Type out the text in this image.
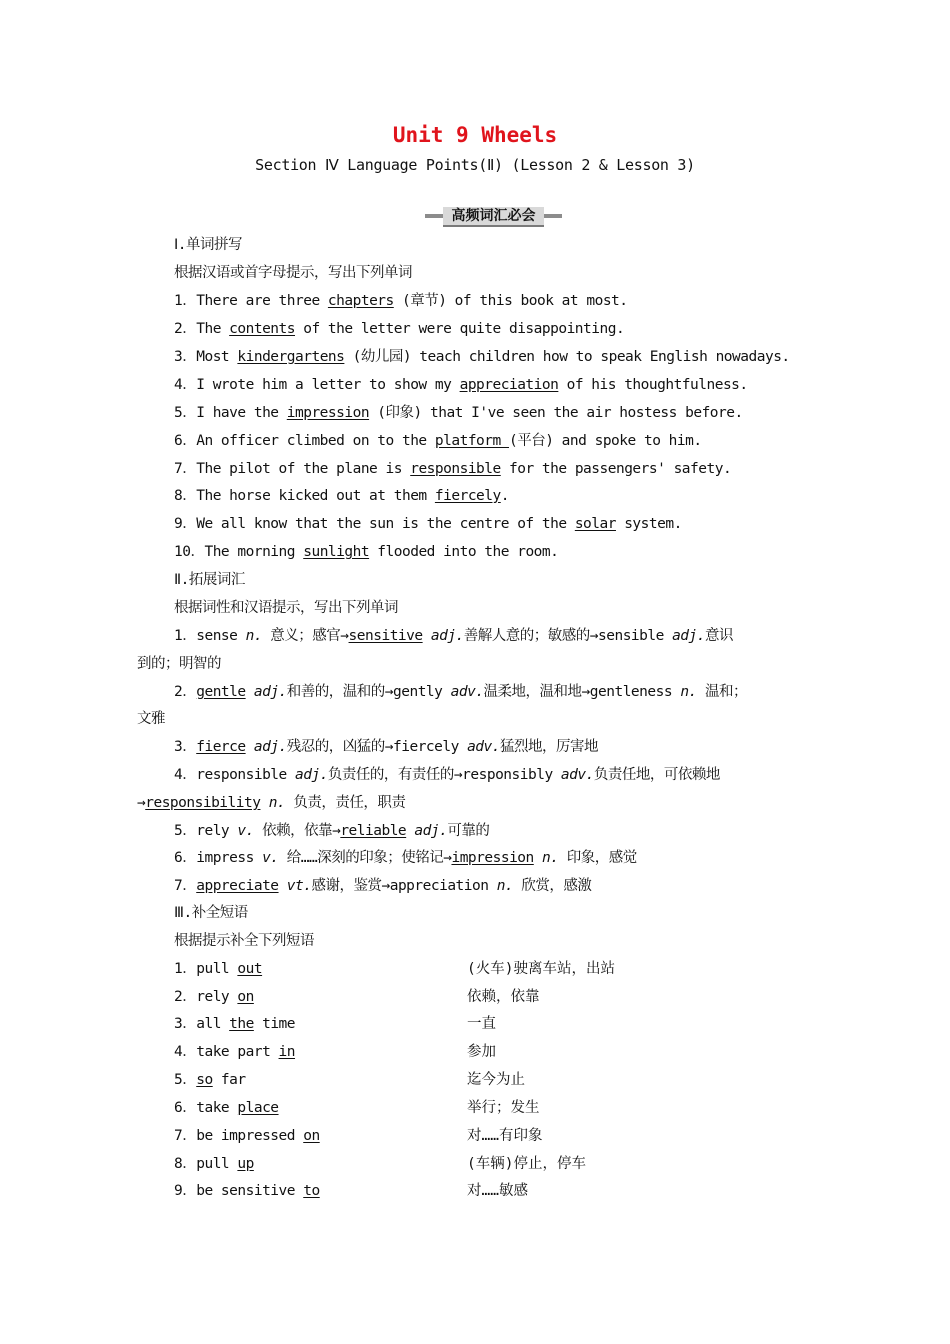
Unit 9 Wheels
Section Ⅳ Language Points(Ⅱ) (Lesson 2 & Lesson 3)
高频词汇必会
Ⅰ.单词拼写
根据汉语或首字母提示，写出下列单词
1．There are three chapters (章节) of this book at most.
2．The contents of the letter were quite disappointing.
3．Most kindergartens (幼儿园) teach children how to speak English nowadays.
4．I wrote him a letter to show my appreciation of his thoughtfulness.
5．I have the impression (印象) that I've seen the air hostess before.
6．An officer climbed on to the platform (平台) and spoke to him.
7．The pilot of the plane is responsible for the passengers' safety.
8．The horse kicked out at them fiercely.
9．We all know that the sun is the centre of the solar system.
10．The morning sunlight flooded into the room.
Ⅱ.拓展词汇
根据词性和汉语提示，写出下列单词
1．sense n. 意义；感官→sensitive adj.善解人意的；敏感的→sensible adj.意识
到的；明智的
2．gentle adj.和善的，温和的→gently adv.温柔地，温和地→gentleness n. 温和；
文雅
3．fierce adj.残忍的，凶猛的→fiercely adv.猛烈地，厉害地
4．responsible adj.负责任的，有责任的→responsibly adv.负责任地，可依赖地
→responsibility n. 负责，责任，职责
5．rely v. 依赖，依靠→reliable adj.可靠的
6．impress v. 给……深刻的印象；使铭记→impression n. 印象，感觉
7．appreciate vt.感谢，鉴赏→appreciation n. 欣赏，感激
Ⅲ.补全短语
根据提示补全下列短语
1．pull out	(火车)驶离车站，出站
2．rely on	依赖，依靠
3．all the time	一直
4．take part in	参加
5．so far	迄今为止
6．take place	举行；发生
7．be impressed on	对……有印象
8．pull up	(车辆)停止，停车
9．be sensitive to	对……敏感
